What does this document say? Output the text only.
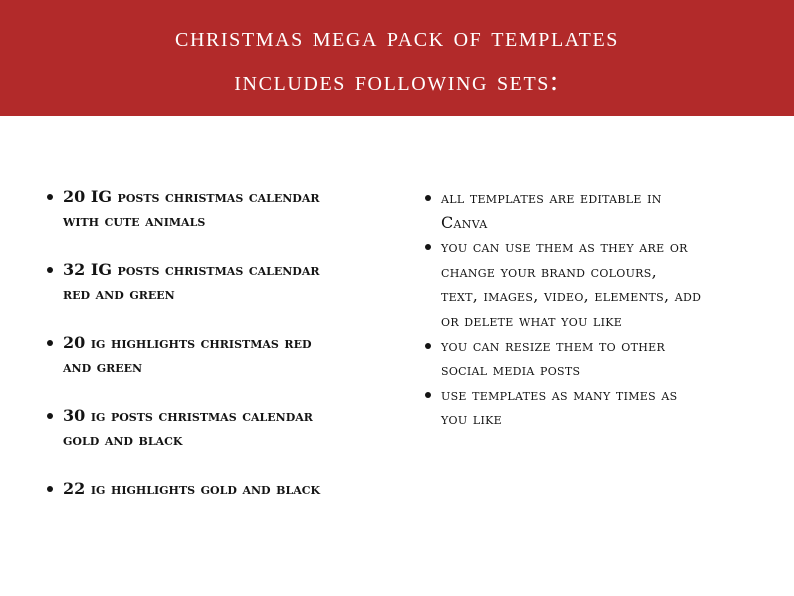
christmas mega pack of templates
includes following sets:
20 IG posts christmas calendar
with cute animals
32 IG posts christmas calendar
red and green
20 ig highlights christmas red
and green
30 ig posts christmas calendar
gold and black
22 ig highlights gold and black
all templates are editable in
Canva
you can use them as they are or
change your brand colours,
text, images, video, elements, add
or delete what you like
you can resize them to other
social media posts
use templates as many times as
you like
